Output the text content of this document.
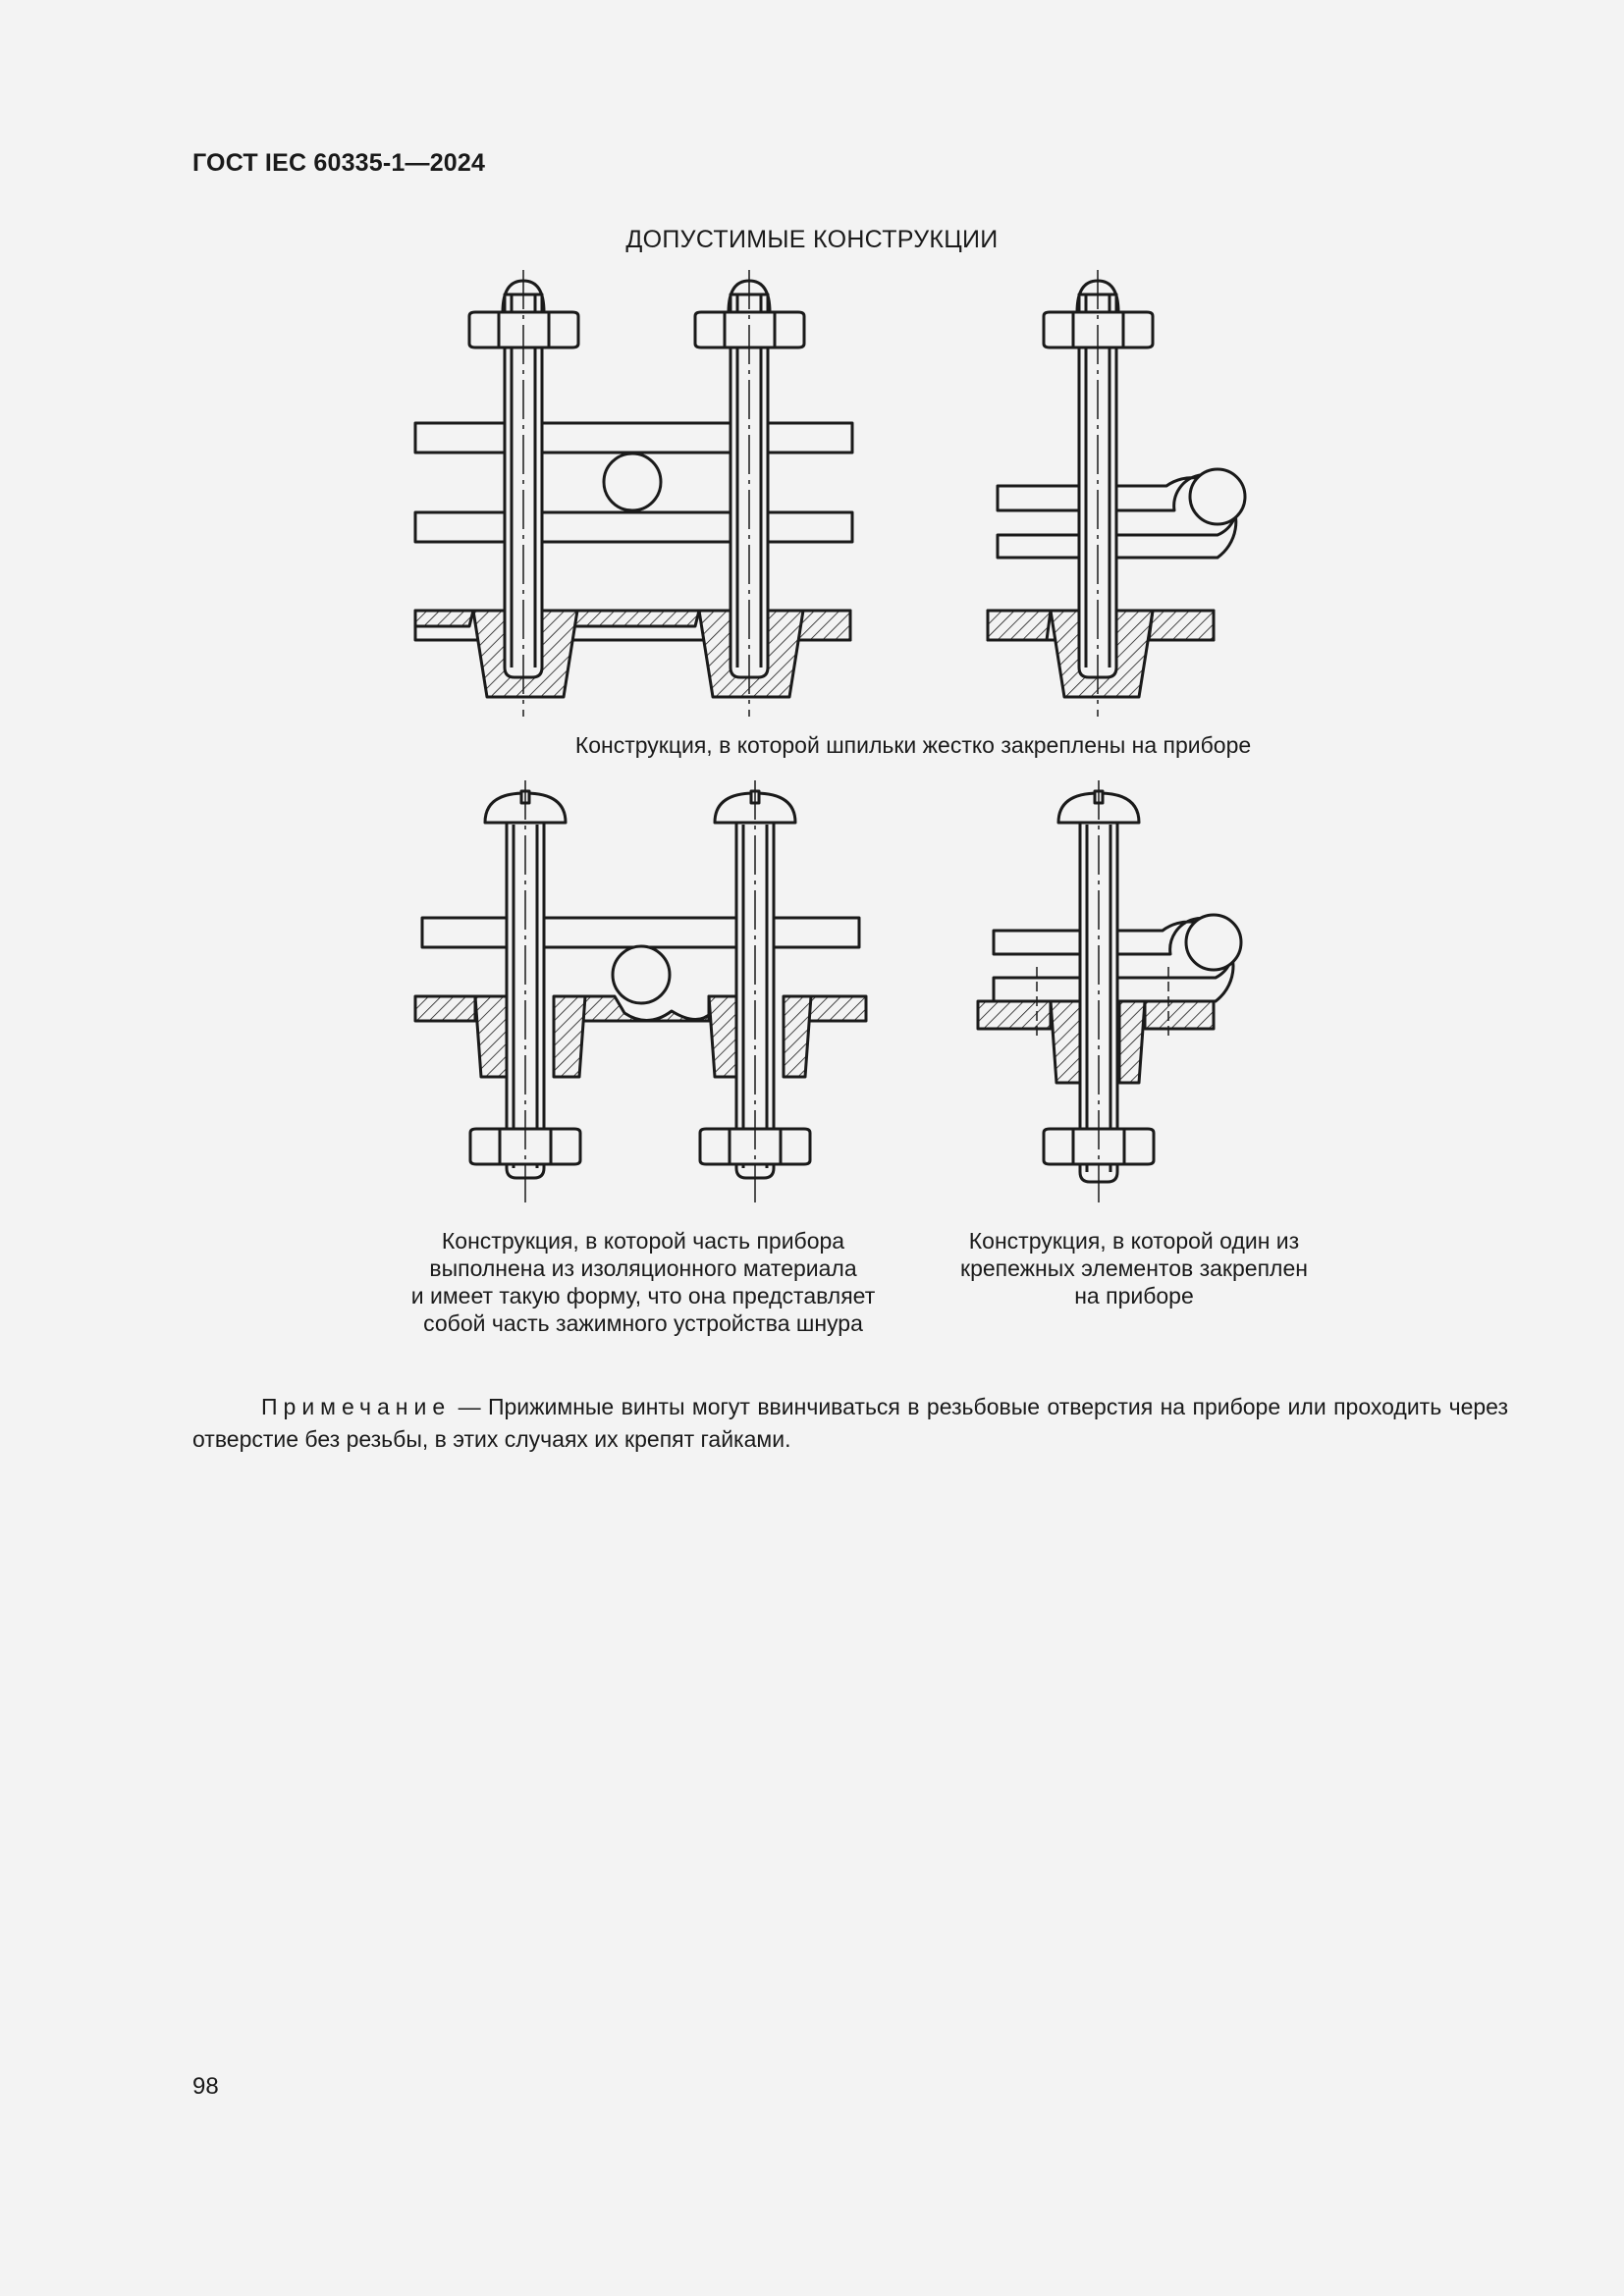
ГОСТ IEC 60335-1—2024
ДОПУСТИМЫЕ КОНСТРУКЦИИ
Конструкция, в которой шпильки жестко закреплены на приборе
Конструкция, в которой часть прибора
выполнена из изоляционного материала
и имеет такую форму, что она представляет
собой часть зажимного устройства шнура
Конструкция, в которой один из
крепежных элементов закреплен
на приборе
Примечание — Прижимные винты могут ввинчиваться в резьбовые отверстия на приборе или проходить через отверстие без резьбы, в этих случаях их крепят гайками.
98
